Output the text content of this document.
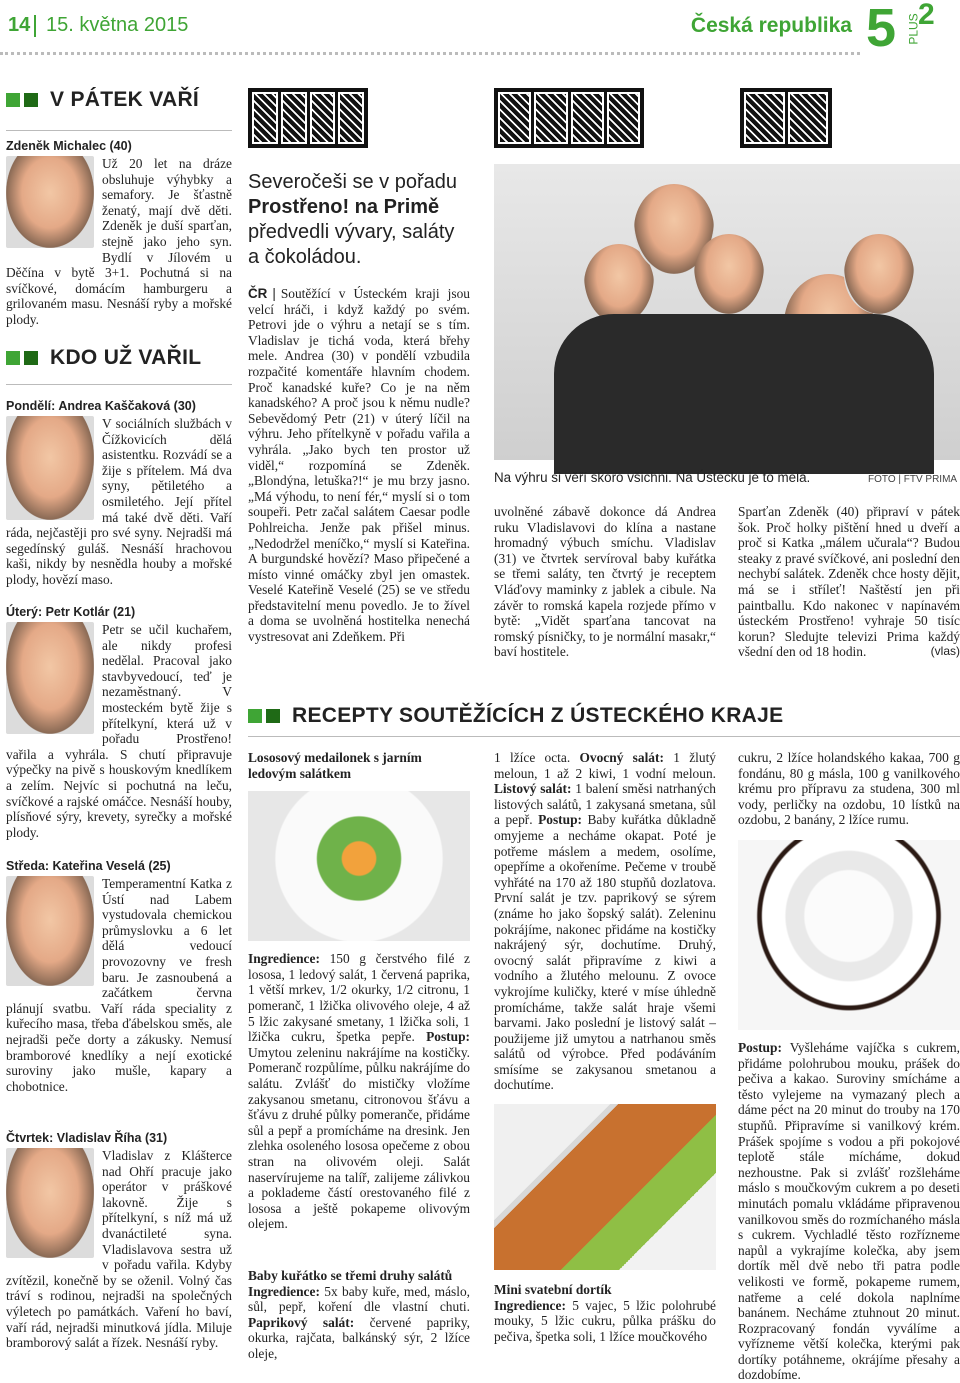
14 15. května 2015	Česká republika 5 PLUS
2
V PÁTEK VAŘÍ

Zdeněk Michalec (40)

Už 20 let na dráze obsluhuje výhybky a semafory. Je šťastně ženatý, mají dvě děti. Zdeněk je duší sparťan, stejně jako jeho syn. Bydlí v Jílovém u Děčína v bytě 3+1. Pochutná si na svíčkové, domácím hamburgeru a grilovaném masu. Nesnáší ryby a mořské plody.

KDO UŽ VAŘIL

Pondělí: Andrea Kaščaková (30)

V sociálních službách v Čížkovicích dělá asistentku. Rozvádí se a žije s přítelem. Má dva syny, pětiletého a osmiletého. Její přítel má také dvě děti. Vaří ráda, nejčastěji pro své syny. Nejradši má segedínský guláš. Nesnáší hrachovou kaši, nikdy by nesnědla houby a mořské plody, hovězí maso.

Úterý: Petr Kotlár (21)

Petr se učil kuchařem, ale nikdy profesi nedělal. Pracoval jako stavbyvedoucí, teď je nezaměstnaný. V mosteckém bytě žije s přítelkyní, která už v pořadu Prostřeno! vařila a vyhrála. S chutí připravuje výpečky na pivě s houskovým knedlíkem a zelím. Nejvíc si pochutná na leču, svíčkové a rajské omáčce. Nesnáší houby, plísňové sýry, krevety, syrečky a mořské plody.

Středa: Kateřina Veselá (25)

Temperamentní Katka z Ústí nad Labem vystudovala chemickou průmyslovku a 6 let dělá vedoucí provozovny ve fresh baru. Je zasnoubená a začátkem června plánují svatbu. Vaří ráda speciality z kuřecího masa, třeba ďábelskou směs, ale nejradši peče dorty a zákusky. Nemusí bramborové knedlíky a nejí exotické suroviny jako mušle, kapary a chobotnice.

Čtvrtek: Vladislav Říha (31)

Vladislav z Klášterce nad Ohří pracuje jako operátor v práškové lakovně. Žije s přítelkyní, s níž má už dvanáctileté syna. Vladislavova sestra už v pořadu vařila. Kdyby zvítězil, konečně by se oženil. Volný čas tráví s rodinou, nejradši na společných výletech po památkách. Vaření ho baví, vaří rád, nejradši minutková jídla. Miluje bramborový salát a řízek. Nesnáší ryby.

Severočeši se v pořadu
Prostřeno! na Primě
předvedli vývary, saláty a čokoládou.

ČR | Soutěžící v Ústeckém kraji jsou velcí hráči, i když každý po svém. Petrovi jde o výhru a netají se s tím. Vladislav je tichá voda, která břehy mele. Andrea (30) v pondělí vzbudila rozpačité komentáře hlavním chodem. Proč kanadské kuře? Co je na něm kanadského? A proč jsou k němu nudle? Sebevědomý Petr (21) v úterý líčil na výhru. Jeho přítelkyně v pořadu vařila a vyhrála. „Jako bych ten prostor už viděl,“ rozpomíná se Zdeněk. „Blondýna, letuška?!“ je mu brzy jasno. „Má výhodu, to není fér,“ myslí si o tom soupeři. Petr začal salátem Caesar podle Pohlreicha. Jenže pak přišel minus. „Nedodržel meníčko,“ myslí si Kateřina. A burgundské hovězí? Maso připečené a místo vinné omáčky zbyl jen omastek. Veselé Kateřině Veselé (25) se ve středu představitelní menu povedlo. Je to žível a doma se uvolněná hostitelka nenechá vystresovat ani Zdeňkem. Při

Na výhru si věří skoro všichni. Na Ústecku je to mela.	FOTO | FTV PRIMA

uvolněné zábavě dokonce dá Andrea ruku Vladislavovi do klína a nastane hromadný výbuch smíchu. Vladislav (31) ve čtvrtek servíroval baby kuřátka se třemi saláty, ten čtvrtý je receptem Vláďovy maminky z jablek a cibule. Na závěr to romská kapela rozjede přímo v bytě: „Vidět sparťana tancovat na romský písničky, to je normální masakr,“ baví hostitele.

Sparťan Zdeněk (40) připraví v pátek šok. Proč holky pištění hned u dveří a proč si Katka „málem učurala“? Budou steaky z pravé svíčkové, ani poslední den nechybí salátek. Zdeněk chce hosty dějit, má se i stříleť! Naštěstí jen při paintballu. Kdo nakonec v napínavém ústeckém Prostřeno! vyhraje 50 tisíc korun? Sledujte televizi Prima každý všední den od 18 hodin.	(vlas)
RECEPTY SOUTĚŽÍCÍCH Z ÚSTECKÉHO KRAJE

Lososový medailonek s jarním ledovým salátkem

Ingredience: 150 g čerstvého filé z lososa, 1 ledový salát, 1 červená paprika, 1 větší mrkev, 1/2 okurky, 1/2 citronu, 1 pomeranč, 1 lžička olivového oleje, 4 až 5 lžic zakysané smetany, 1 lžička soli, 1 lžička cukru, špetka pepře. Postup: Umytou zeleninu nakrájíme na kostičky. Pomeranč rozpůlíme, půlku nakrájíme do salátu. Zvlášť do mističky vložíme zakysanou smetanu, citronovou šťávu a šťávu z druhé půlky pomeranče, přidáme sůl a pepř a promícháme na dresink. Jen zlehka osoleného lososa opečeme z obou stran na olivovém oleji. Salát naservírujeme na talíř, zalijeme zálivkou a poklademe částí orestovaného filé z lososa a ještě pokapeme olivovým olejem.

Baby kuřátko se třemi druhy salátů
Ingredience: 5x baby kuře, med, máslo, sůl, pepř, koření dle vlastní chuti. Paprikový salát: červené papriky, okurka, rajčata, balkánský sýr, 2 lžíce oleje,

1 lžíce octa. Ovocný salát: 1 žlutý meloun, 1 až 2 kiwi, 1 vodní meloun. Listový salát: 1 balení směsi natrhaných listových salátů, 1 zakysaná smetana, sůl a pepř. Postup: Baby kuřátka důkladně omyjeme a necháme okapat. Poté je potřeme máslem a medem, osolíme, opepříme a okořeníme. Pečeme v troubě vyhřáté na 170 až 180 stupňů dozlatova. První salát je tzv. paprikový se sýrem (známe ho jako šopský salát). Zeleninu pokrájíme, nakonec přidáme na kostičky nakrájený sýr, dochutíme. Druhý, ovocný salát připravíme z kiwi a vodního a žlutého melounu. Z ovoce vykrojíme kuličky, které v míse úhledně promícháme, takže salát hraje všemi barvami. Jako poslední je listový salát – použijeme již umytou a natrhanou směs salátů od výrobce. Před podáváním smísíme se zakysanou smetanou a dochutíme.

Mini svatební dortík
Ingredience: 5 vajec, 5 lžic polohrubé mouky, 5 lžic cukru, půlka prášku do pečiva, špetka soli, 1 lžíce moučkového

cukru, 2 lžíce holandského kakaa, 700 g fondánu, 80 g másla, 100 g vanilkového krému pro přípravu za studena, 300 ml vody, perličky na ozdobu, 10 lístků na ozdobu, 2 banány, 2 lžíce rumu.

Postup: Vyšleháme vajíčka s cukrem, přidáme polohrubou mouku, prášek do pečiva a kakao. Suroviny smícháme a těsto vylejeme na vymazaný plech a dáme péct na 20 minut do trouby na 170 stupňů. Připravíme si vanilkový krém. Prášek spojíme s vodou a při pokojové teplotě stále mícháme, dokud nezhoustne. Pak si zvlášť rozšleháme máslo s moučkovým cukrem a po deseti minutách pomalu vkládáme připravenou vanilkovou směs do rozmíchaného másla s cukrem. Vychladlé těsto rozřízneme napůl a vykrajíme kolečka, aby jsem dortík měl dvě nebo tři patra podle velikosti ve formě, pokapeme rumem, natřeme a celé dokola naplníme banánem. Necháme ztuhnout 20 minut. Rozpracovaný fondán vyválíme a vyřízneme větší kolečka, kterými pak dortíky potáhneme, okrájíme přesahy a dozdobíme.
